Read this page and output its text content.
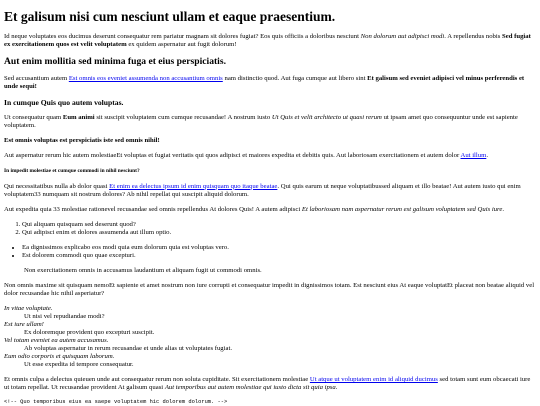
Et galisum nisi cum nesciunt ullam et eaque praesentium.

Id neque voluptates eos ducimus deserunt consequatur rem pariatur magnam sit dolores fugiat? Eos quis officiis a doloribus nesciunt Non dolorum aut adipisci modi. A repellendus nobis Sed fugiat ex exercitationem quos est velit voluptatem ex quidem aspernatur aut fugit dolorum!

Aut enim mollitia sed minima fuga et eius perspiciatis.

Sed accusantium autem Est omnis eos eveniet assumenda non accusantium omnis nam distinctio quod. Aut fuga cumque aut libero sint Et galisum sed eveniet adipisci vel minus perferendis et unde sequi!

In cumque Quis quo autem voluptas.

Ut consequatur quam Eum animi sit suscipit voluptatem cum cumque recusandae! A nostrum iusto Ut Quis et velit architecto ut quasi rerum ut ipsam amet quo consequuntur unde est sapiente voluptatem.

Est omnis voluptas est perspiciatis iste sed omnis nihil!

Aut aspernatur rerum hic autem molestiaeEt voluptas et fugiat veritatis qui quos adipisci et maiores expedita et debitis quis. Aut laboriosam exercitationem et autem dolor Aut illum.

In impedit molestiae et cumque commodi in nihil nesciunt?

Qui necessitatibus nulla ab dolor quasi Et enim ea delectus ipsum id enim quisquam quo itaque beatae. Qui quis earum ut neque voluptatibussed aliquam et illo beatae! Aut autem iusto qui enim voluptatem33 numquam sit nostrum dolores? Ab nihil repellat qui suscipit aliquid dolorum.

Aut expedita quia 33 molestiae rationevel recusandae sed omnis repellendus At dolores Quis! A autem adipisci Et laboriosam nam aspernatur rerum est galisum voluptatem sed Quis iure.

1. Qui aliquam quisquam sed deserunt quod?
2. Qui adipisci enim et dolores assumenda aut illum optio.
• Ea dignissimos explicabo eos modi quia eum dolorum quia est voluptas vero.
• Est dolorem commodi quo quae excepturi.

Non exercitationem omnis in accusamus laudantium et aliquam fugit ut commodi omnis.

Non omnis maxime sit quisquam nemoEt sapiente et amet nostrum non iure corrupti et consequatur impedit in dignissimos totam. Est nesciunt eius At eaque voluptatEt placeat non beatae aliquid vel dolor recusandae hic nihil asperiatur?

In vitae voluptate.
Ut nisi vel repudiandae modi?
Est iure ullam!
Ex doloremque provident quo excepturi suscipit.
Vel totam eveniet ea autem accusamus.
Ab voluptas aspernatur in rerum recusandae et unde alias ut voluptates fugiat.
Eum odio corporis et quisquam laborum.
Ut esse expedita id tempore consequatur.

Et omnis culpa a delectus quieuen unde aut consequatur rerum non soluta cupiditate. Sit exercitationem molestiae Ut atque ut voluptatem enim id aliquid ducimus sed totam sunt eum obcaecati iure ut totam repellat. Ut recusandae provident At galisum quasi Aut temporibus aut autem molestiae qui iusto dicta sit quia ipsa.

<!-- Quo temporibus eius ea saepe voluptatem hic dolorem dolorum. -->
